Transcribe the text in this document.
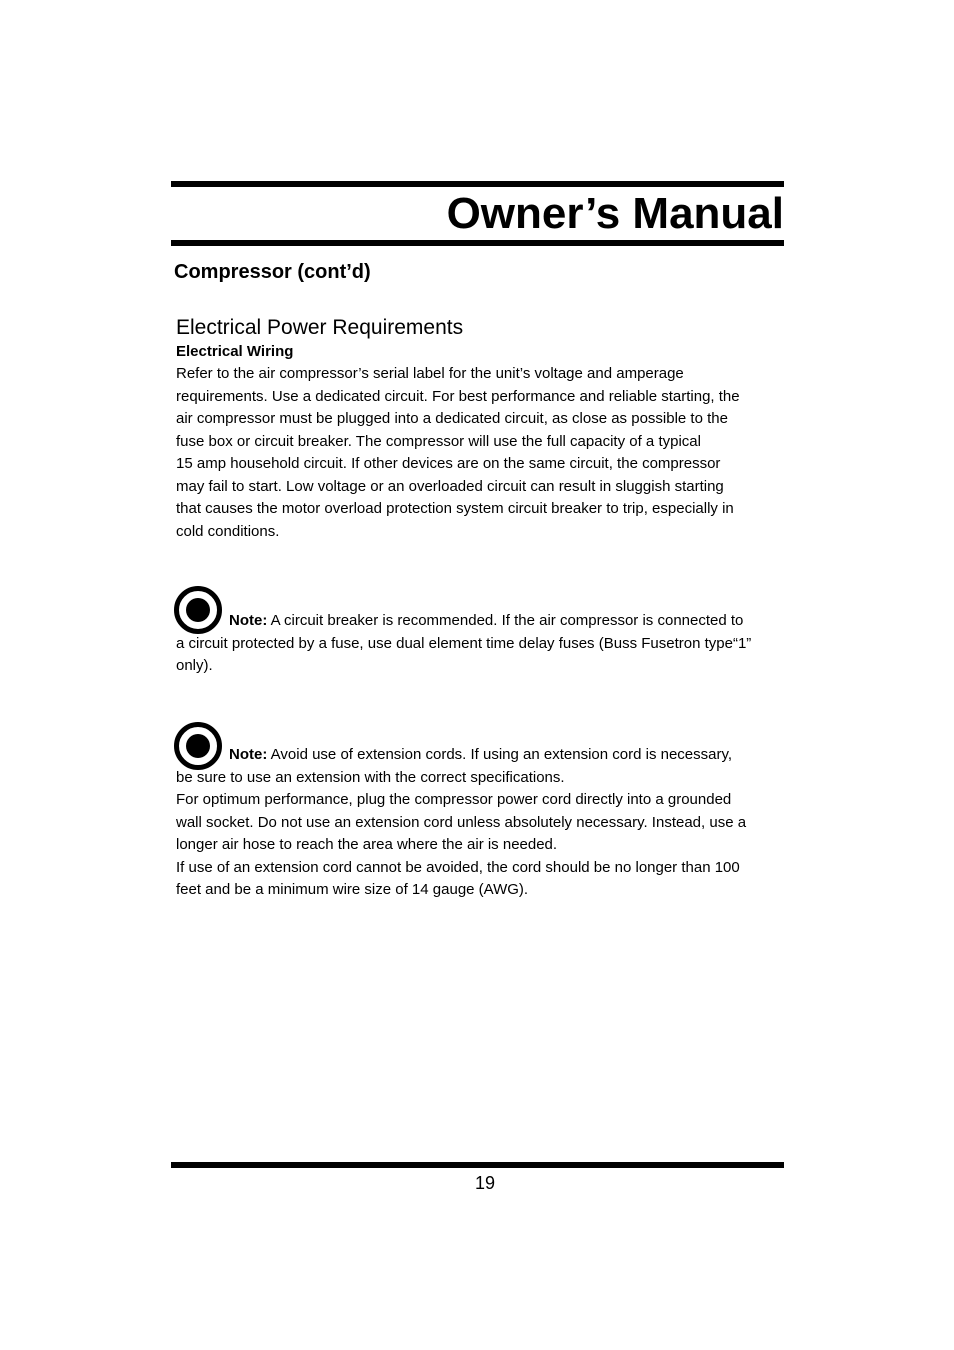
Owner’s Manual
Compressor (cont’d)
Electrical Power Requirements
Electrical Wiring

Refer to the air compressor’s serial label for the unit’s voltage and amperage

requirements. Use a dedicated circuit. For best performance and reliable starting, the

air compressor must be plugged into a dedicated circuit, as close as possible to the

fuse box or circuit breaker. The compressor will use the full capacity of a typical

15 amp household circuit. If other devices are on the same circuit, the compressor

may fail to start. Low voltage or an overloaded circuit can result in sluggish starting

that causes the motor overload protection system circuit breaker to trip, especially in

cold conditions.

Note: A circuit breaker is recommended. If the air compressor is connected to

a circuit protected by a fuse, use dual element time delay fuses (Buss Fusetron type“1”

only).

Note: Avoid use of extension cords. If using an extension cord is necessary,

be sure to use an extension with the correct specifications.

For optimum performance, plug the compressor power cord directly into a grounded

wall socket. Do not use an extension cord unless absolutely necessary. Instead, use a

longer air hose to reach the area where the air is needed.

If use of an extension cord cannot be avoided, the cord should be no longer than 100

feet and be a minimum wire size of 14 gauge (AWG).

19
